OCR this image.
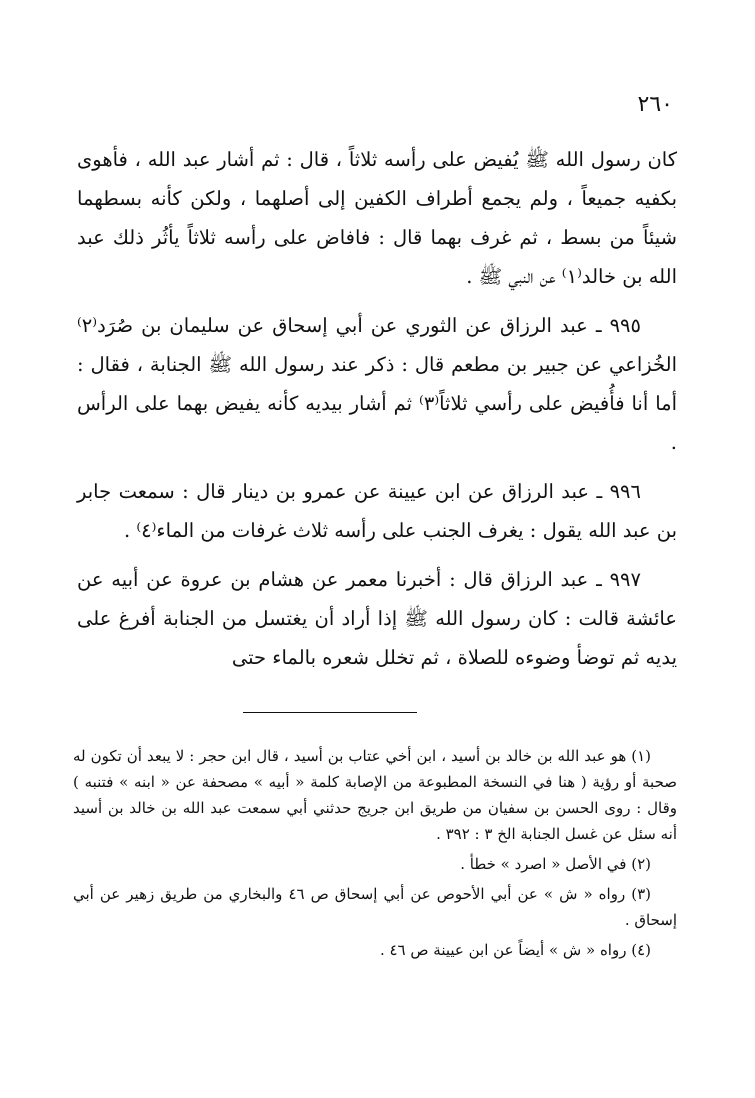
٢٦٠

كان رسول الله ﷺ يُفيض على رأسه ثلاثاً ، قال : ثم أشار عبد الله ، فأهوى بكفيه جميعاً ، ولم يجمع أطراف الكفين إلى أصلهما ، ولكن كأنه بسطهما شيئاً من بسط ، ثم غرف بهما قال : فافاض على رأسه ثلاثاً يأثُر ذلك عبد الله بن خالد⁽١⁾ عن النبي ﷺ .

٩٩٥ ـ عبد الرزاق عن الثوري عن أبي إسحاق عن سليمان بن صُرَد⁽٢⁾ الخُزاعي عن جبير بن مطعم قال : ذكر عند رسول الله ﷺ الجنابة ، فقال : أما أنا فأُفيض على رأسي ثلاثاً⁽٣⁾ ثم أشار بيديه كأنه يفيض بهما على الرأس .

٩٩٦ ـ عبد الرزاق عن ابن عيينة عن عمرو بن دينار قال : سمعت جابر بن عبد الله يقول : يغرف الجنب على رأسه ثلاث غرفات من الماء⁽٤⁾ .

٩٩٧ ـ عبد الرزاق قال : أخبرنا معمر عن هشام بن عروة عن أبيه عن عائشة قالت : كان رسول الله ﷺ إذا أراد أن يغتسل من الجنابة أفرغ على يديه ثم توضأ وضوءه للصلاة ، ثم تخلل شعره بالماء حتى

(١) هو عبد الله بن خالد بن أسيد ، ابن أخي عتاب بن أسيد ، قال ابن حجر : لا يبعد أن تكون له صحبة أو رؤية ( هنا في النسخة المطبوعة من الإصابة كلمة « أبيه » مصحفة عن « ابنه » فتنبه ) وقال : روى الحسن بن سفيان من طريق ابن جريج حدثني أبي سمعت عبد الله بن خالد بن أسيد أنه سئل عن غسل الجنابة الخ ٣ : ٣٩٢ .

(٢) في الأصل « اصرد » خطأ .

(٣) رواه « ش » عن أبي الأحوص عن أبي إسحاق ص ٤٦ والبخاري من طريق زهير عن أبي إسحاق .

(٤) رواه « ش » أيضاً عن ابن عيينة ص ٤٦ .
